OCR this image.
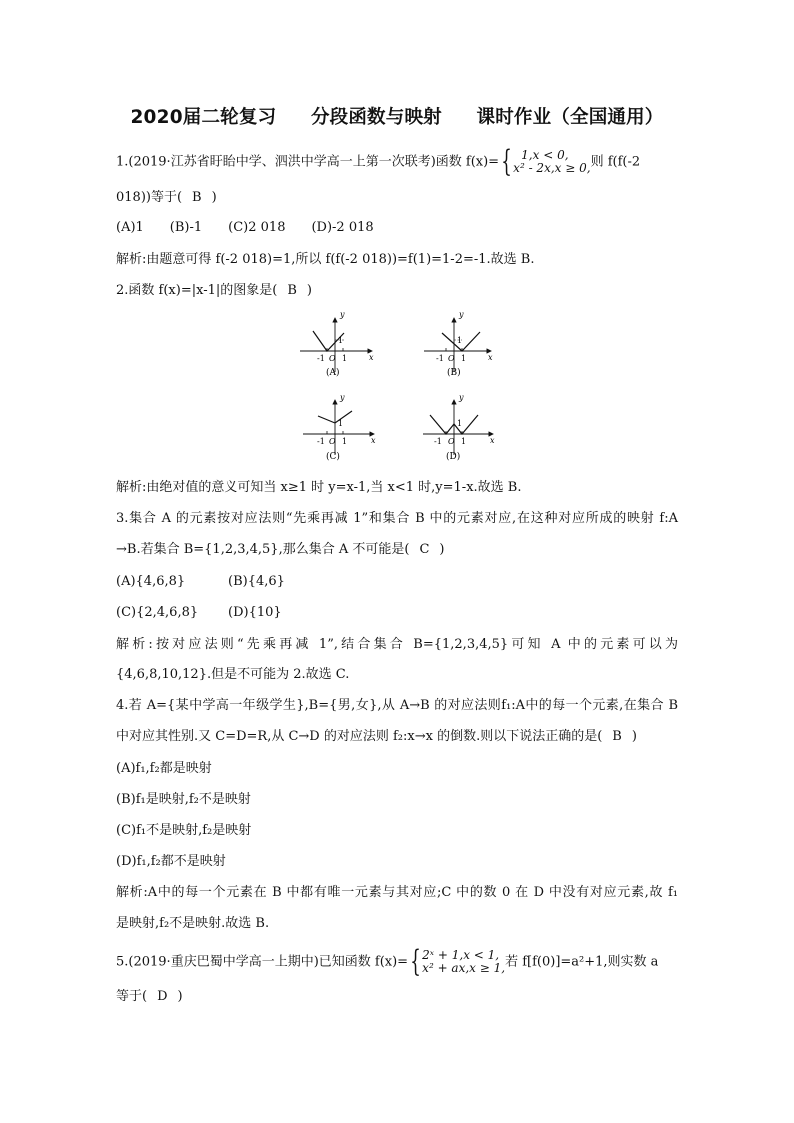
2020届二轮复习 分段函数与映射 课时作业（全国通用）
1.(2019·江苏省盱眙中学、泗洪中学高一上第一次联考)函数 f(x)={ 1,x < 0,
x² - 2x,x ≥ 0, 则 f(f(-2
018))等于( B )
(A)1　　(B)-1　　(C)2 018　　(D)-2 018
解析:由题意可得 f(-2 018)=1,所以 f(f(-2 018))=f(1)=1-2=-1.故选 B.
2.函数 f(x)=|x-1|的图象是( B )
y
x
1
-1 O 1
(A)
y
x
1
-1 O 1
(B)
y
x
1
-1 O 1
(C)
y
x
1
-1 O 1
(D)
解析:由绝对值的意义可知当 x≥1 时 y=x-1,当 x<1 时,y=1-x.故选 B.
3.集合 A 的元素按对应法则“先乘再减 1”和集合 B 中的元素对应,在这种对应所成的映射 f:A
→B.若集合 B={1,2,3,4,5},那么集合 A 不可能是( C )
(A){4,6,8}	(B){4,6}
(C){2,4,6,8} (D){10}
解析:按对应法则“先乘再减 1”,结合集合 B={1,2,3,4,5}可知 A 中的元素可以为
{4,6,8,10,12}.但是不可能为 2.故选 C.
4.若 A={某中学高一年级学生},B={男,女},从 A→B 的对应法则f₁:A中的每一个元素,在集合 B
中对应其性别.又 C=D=R,从 C→D 的对应法则 f₂:x→x 的倒数.则以下说法正确的是( B )
(A)f₁,f₂都是映射
(B)f₁是映射,f₂不是映射
(C)f₁不是映射,f₂是映射
(D)f₁,f₂都不是映射
解析:A中的每一个元素在 B 中都有唯一元素与其对应;C 中的数 0 在 D 中没有对应元素,故 f₁
是映射,f₂不是映射.故选 B.
5.(2019·重庆巴蜀中学高一上期中)已知函数 f(x)={ 2ˣ + 1,x < 1,
x² + ax,x ≥ 1, 若 f[f(0)]=a²+1,则实数 a
等于( D )
